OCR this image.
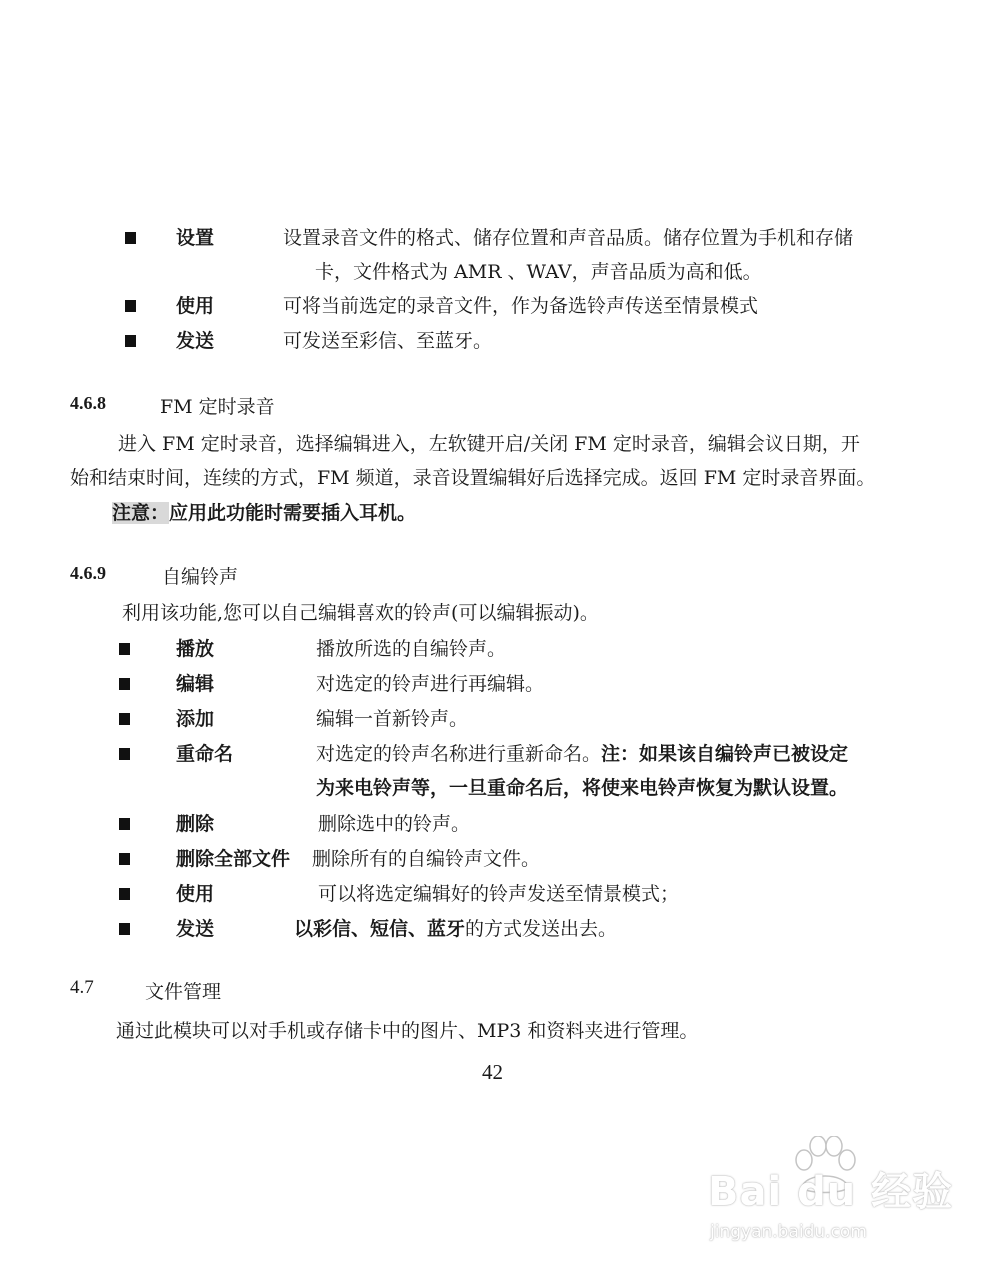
设置	设置录音文件的格式、储存位置和声音品质。储存位置为手机和存储
卡，文件格式为 AMR 、WAV，声音品质为高和低。
使用	可将当前选定的录音文件，作为备选铃声传送至情景模式
发送	可发送至彩信、至蓝牙。
4.6.8	FM 定时录音
进入 FM 定时录音，选择编辑进入，左软键开启/关闭 FM 定时录音，编辑会议日期，开
始和结束时间，连续的方式，FM 频道，录音设置编辑好后选择完成。返回 FM 定时录音界面。
注意：应用此功能时需要插入耳机。
4.6.9	自编铃声
利用该功能,您可以自己编辑喜欢的铃声(可以编辑振动)。
播放	播放所选的自编铃声。
编辑	对选定的铃声进行再编辑。
添加	编辑一首新铃声。
重命名	对选定的铃声名称进行重新命名。注：如果该自编铃声已被设定
为来电铃声等，一旦重命名后，将使来电铃声恢复为默认设置。
删除	删除选中的铃声。
删除全部文件 删除所有的自编铃声文件。
使用	可以将选定编辑好的铃声发送至情景模式；
发送	以彩信、短信、蓝牙的方式发送出去。
4.7	文件管理
通过此模块可以对手机或存储卡中的图片、MP3 和资料夹进行管理。
42
Bai du 经验
jingyan.baidu.com
